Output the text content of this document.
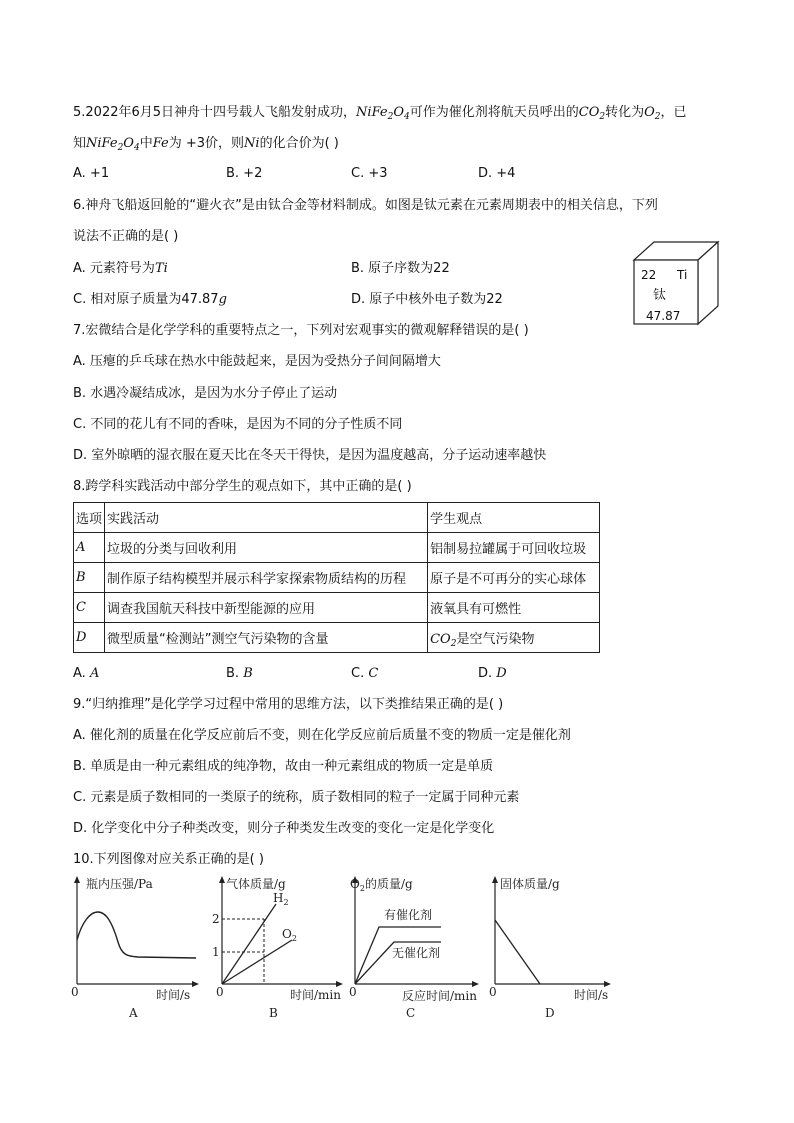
5.2022年6月5日神舟十四号载人飞船发射成功，$NiFe_2O_4$可作为催化剂将航天员呼出的$CO_2$转化为$O_2$，已
知$NiFe_2O_4$中Fe为 +3价，则Ni的化合价为( )
A. +1	B. +2	C. +3	D. +4
6.神舟飞船返回舱的“避火衣”是由钛合金等材料制成。如图是钛元素在元素周期表中的相关信息，下列
说法不正确的是( )
A. 元素符号为Ti	B. 原子序数为22
C. 相对原子质量为47.87g	D. 原子中核外电子数为22
22 Ti
钛
47.87
7.宏微结合是化学学科的重要特点之一，下列对宏观事实的微观解释错误的是( )
A. 压瘪的乒乓球在热水中能鼓起来，是因为受热分子间间隔增大
B. 水遇冷凝结成冰，是因为水分子停止了运动
C. 不同的花儿有不同的香味，是因为不同的分子性质不同
D. 室外晾晒的湿衣服在夏天比在冬天干得快，是因为温度越高，分子运动速率越快
8.跨学科实践活动中部分学生的观点如下，其中正确的是( )
选项	实践活动	学生观点
A	垃圾的分类与回收利用	铝制易拉罐属于可回收垃圾
B	制作原子结构模型并展示科学家探索物质结构的历程	原子是不可再分的实心球体
C	调查我国航天科技中新型能源的应用	液氧具有可燃性
D	微型质量“检测站”测空气污染物的含量	$CO_2$是空气污染物
A. A	B. B	C. C	D. D
9.“归纳推理”是化学学习过程中常用的思维方法，以下类推结果正确的是( )
A. 催化剂的质量在化学反应前后不变，则在化学反应前后质量不变的物质一定是催化剂
B. 单质是由一种元素组成的纯净物，故由一种元素组成的物质一定是单质
C. 元素是质子数相同的一类原子的统称，质子数相同的粒子一定属于同种元素
D. 化学变化中分子种类改变，则分子种类发生改变的变化一定是化学变化
10.下列图像对应关系正确的是( )
瓶内压强/Pa
时间/s
0
A
气体质量/g
时间/min
0
2
1
$H_2$
$O_2$
B
$O_2$的质量/g
反应时间/min
0
有催化剂
无催化剂
C
固体质量/g
时间/s
0
D
